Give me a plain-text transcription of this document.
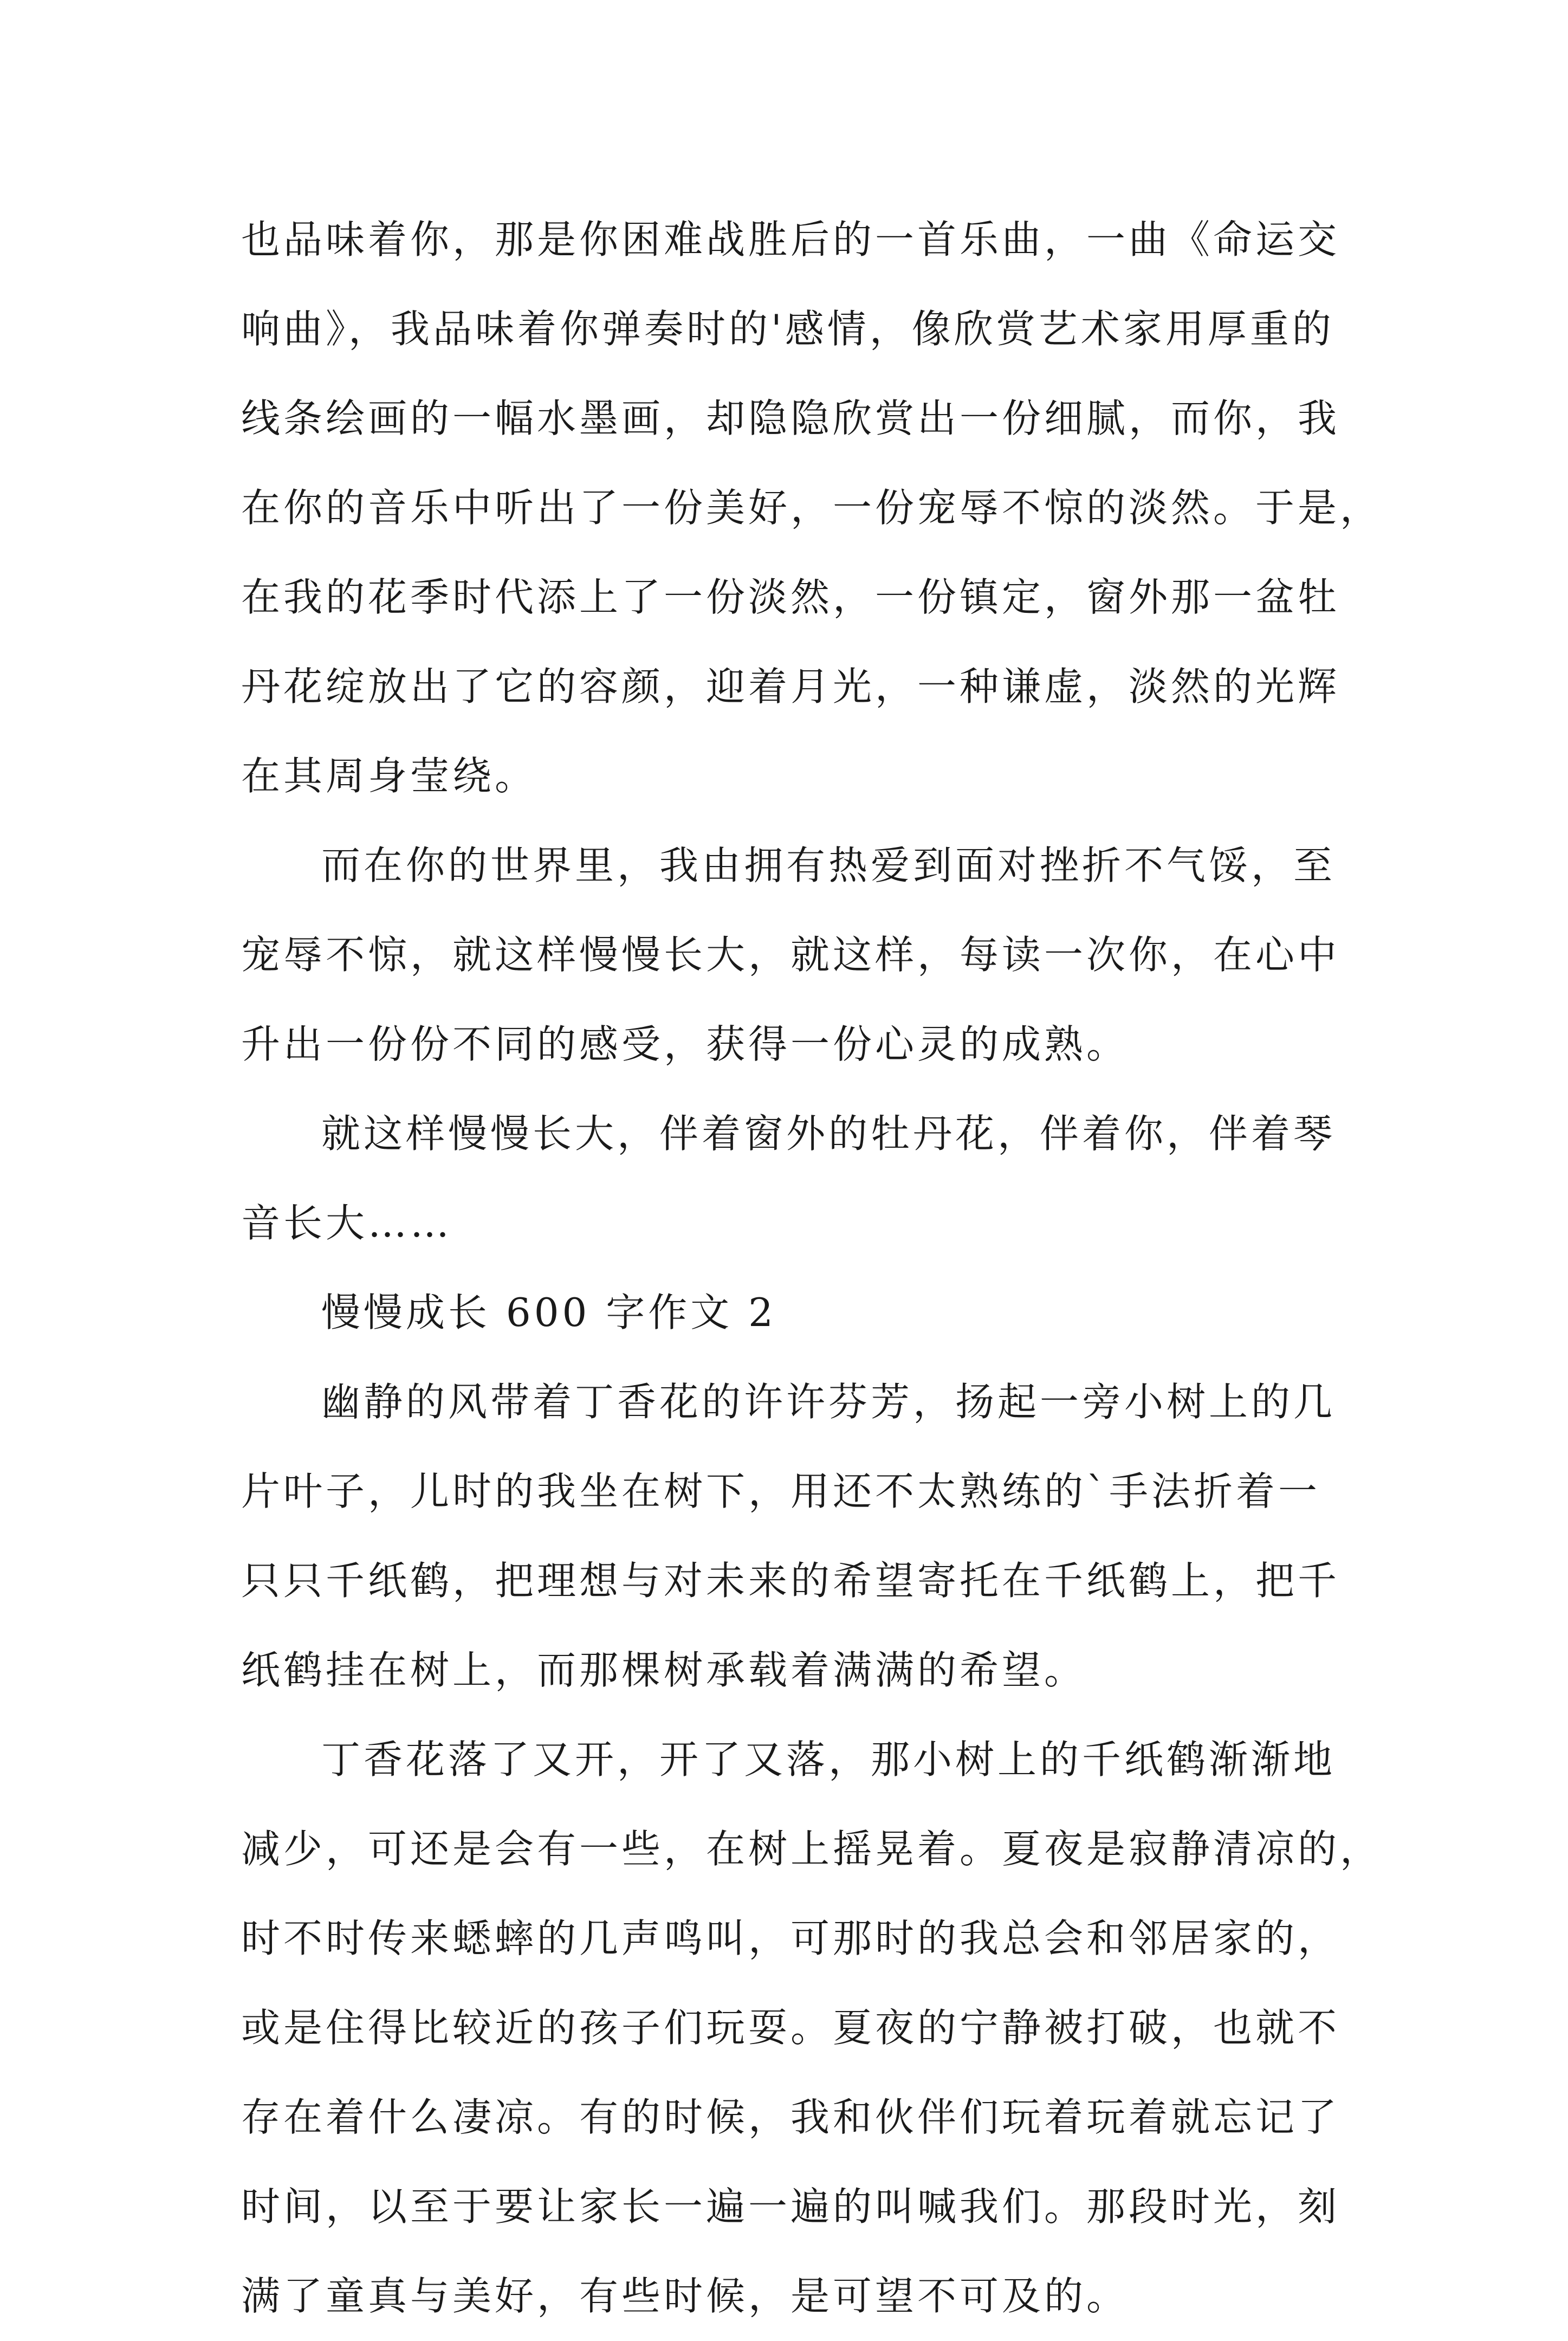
也品味着你，那是你困难战胜后的一首乐曲，一曲《命运交
响曲》，我品味着你弹奏时的'感情，像欣赏艺术家用厚重的
线条绘画的一幅水墨画，却隐隐欣赏出一份细腻，而你，我
在你的音乐中听出了一份美好，一份宠辱不惊的淡然。于是，
在我的花季时代添上了一份淡然，一份镇定，窗外那一盆牡
丹花绽放出了它的容颜，迎着月光，一种谦虚，淡然的光辉
在其周身莹绕。
而在你的世界里，我由拥有热爱到面对挫折不气馁，至
宠辱不惊，就这样慢慢长大，就这样，每读一次你，在心中
升出一份份不同的感受，获得一份心灵的成熟。
就这样慢慢长大，伴着窗外的牡丹花，伴着你，伴着琴
音长大……
慢慢成长 600 字作文 2
幽静的风带着丁香花的许许芬芳，扬起一旁小树上的几
片叶子，儿时的我坐在树下，用还不太熟练的`手法折着一
只只千纸鹤，把理想与对未来的希望寄托在千纸鹤上，把千
纸鹤挂在树上，而那棵树承载着满满的希望。
丁香花落了又开，开了又落，那小树上的千纸鹤渐渐地
减少，可还是会有一些，在树上摇晃着。夏夜是寂静清凉的，
时不时传来蟋蟀的几声鸣叫，可那时的我总会和邻居家的，
或是住得比较近的孩子们玩耍。夏夜的宁静被打破，也就不
存在着什么凄凉。有的时候，我和伙伴们玩着玩着就忘记了
时间，以至于要让家长一遍一遍的叫喊我们。那段时光，刻
满了童真与美好，有些时候，是可望不可及的。
